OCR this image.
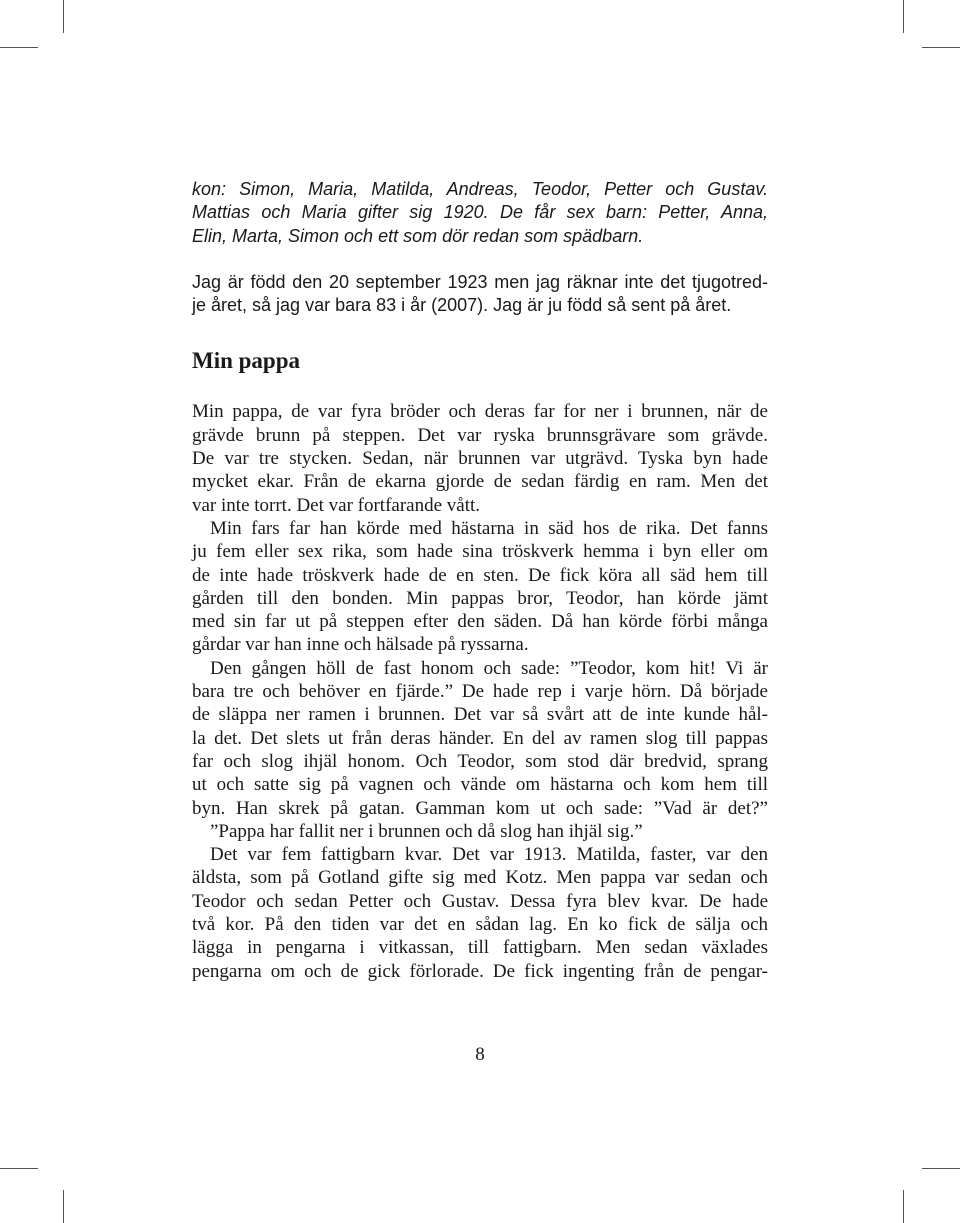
kon: Simon, Maria, Matilda, Andreas, Teodor, Petter och Gustav.
Mattias och Maria gifter sig 1920. De får sex barn: Petter, Anna,
Elin, Marta, Simon och ett som dör redan som spädbarn.
Jag är född den 20 september 1923 men jag räknar inte det tjugotred-
je året, så jag var bara 83 i år (2007). Jag är ju född så sent på året.
Min pappa
Min pappa, de var fyra bröder och deras far for ner i brunnen, när de
grävde brunn på steppen. Det var ryska brunnsgrävare som grävde.
De var tre stycken. Sedan, när brunnen var utgrävd. Tyska byn hade
mycket ekar. Från de ekarna gjorde de sedan färdig en ram. Men det
var inte torrt. Det var fortfarande vått.
Min fars far han körde med hästarna in säd hos de rika. Det fanns
ju fem eller sex rika, som hade sina tröskverk hemma i byn eller om
de inte hade tröskverk hade de en sten. De fick köra all säd hem till
gården till den bonden. Min pappas bror, Teodor, han körde jämt
med sin far ut på steppen efter den säden. Då han körde förbi många
gårdar var han inne och hälsade på ryssarna.
Den gången höll de fast honom och sade: ”Teodor, kom hit! Vi är
bara tre och behöver en fjärde.” De hade rep i varje hörn. Då började
de släppa ner ramen i brunnen. Det var så svårt att de inte kunde hål-
la det. Det slets ut från deras händer. En del av ramen slog till pappas
far och slog ihjäl honom. Och Teodor, som stod där bredvid, sprang
ut och satte sig på vagnen och vände om hästarna och kom hem till
byn. Han skrek på gatan. Gamman kom ut och sade: ”Vad är det?”
”Pappa har fallit ner i brunnen och då slog han ihjäl sig.”
Det var fem fattigbarn kvar. Det var 1913. Matilda, faster, var den
äldsta, som på Gotland gifte sig med Kotz. Men pappa var sedan och
Teodor och sedan Petter och Gustav. Dessa fyra blev kvar. De hade
två kor. På den tiden var det en sådan lag. En ko fick de sälja och
lägga in pengarna i vitkassan, till fattigbarn. Men sedan växlades
pengarna om och de gick förlorade. De fick ingenting från de pengar-
8
